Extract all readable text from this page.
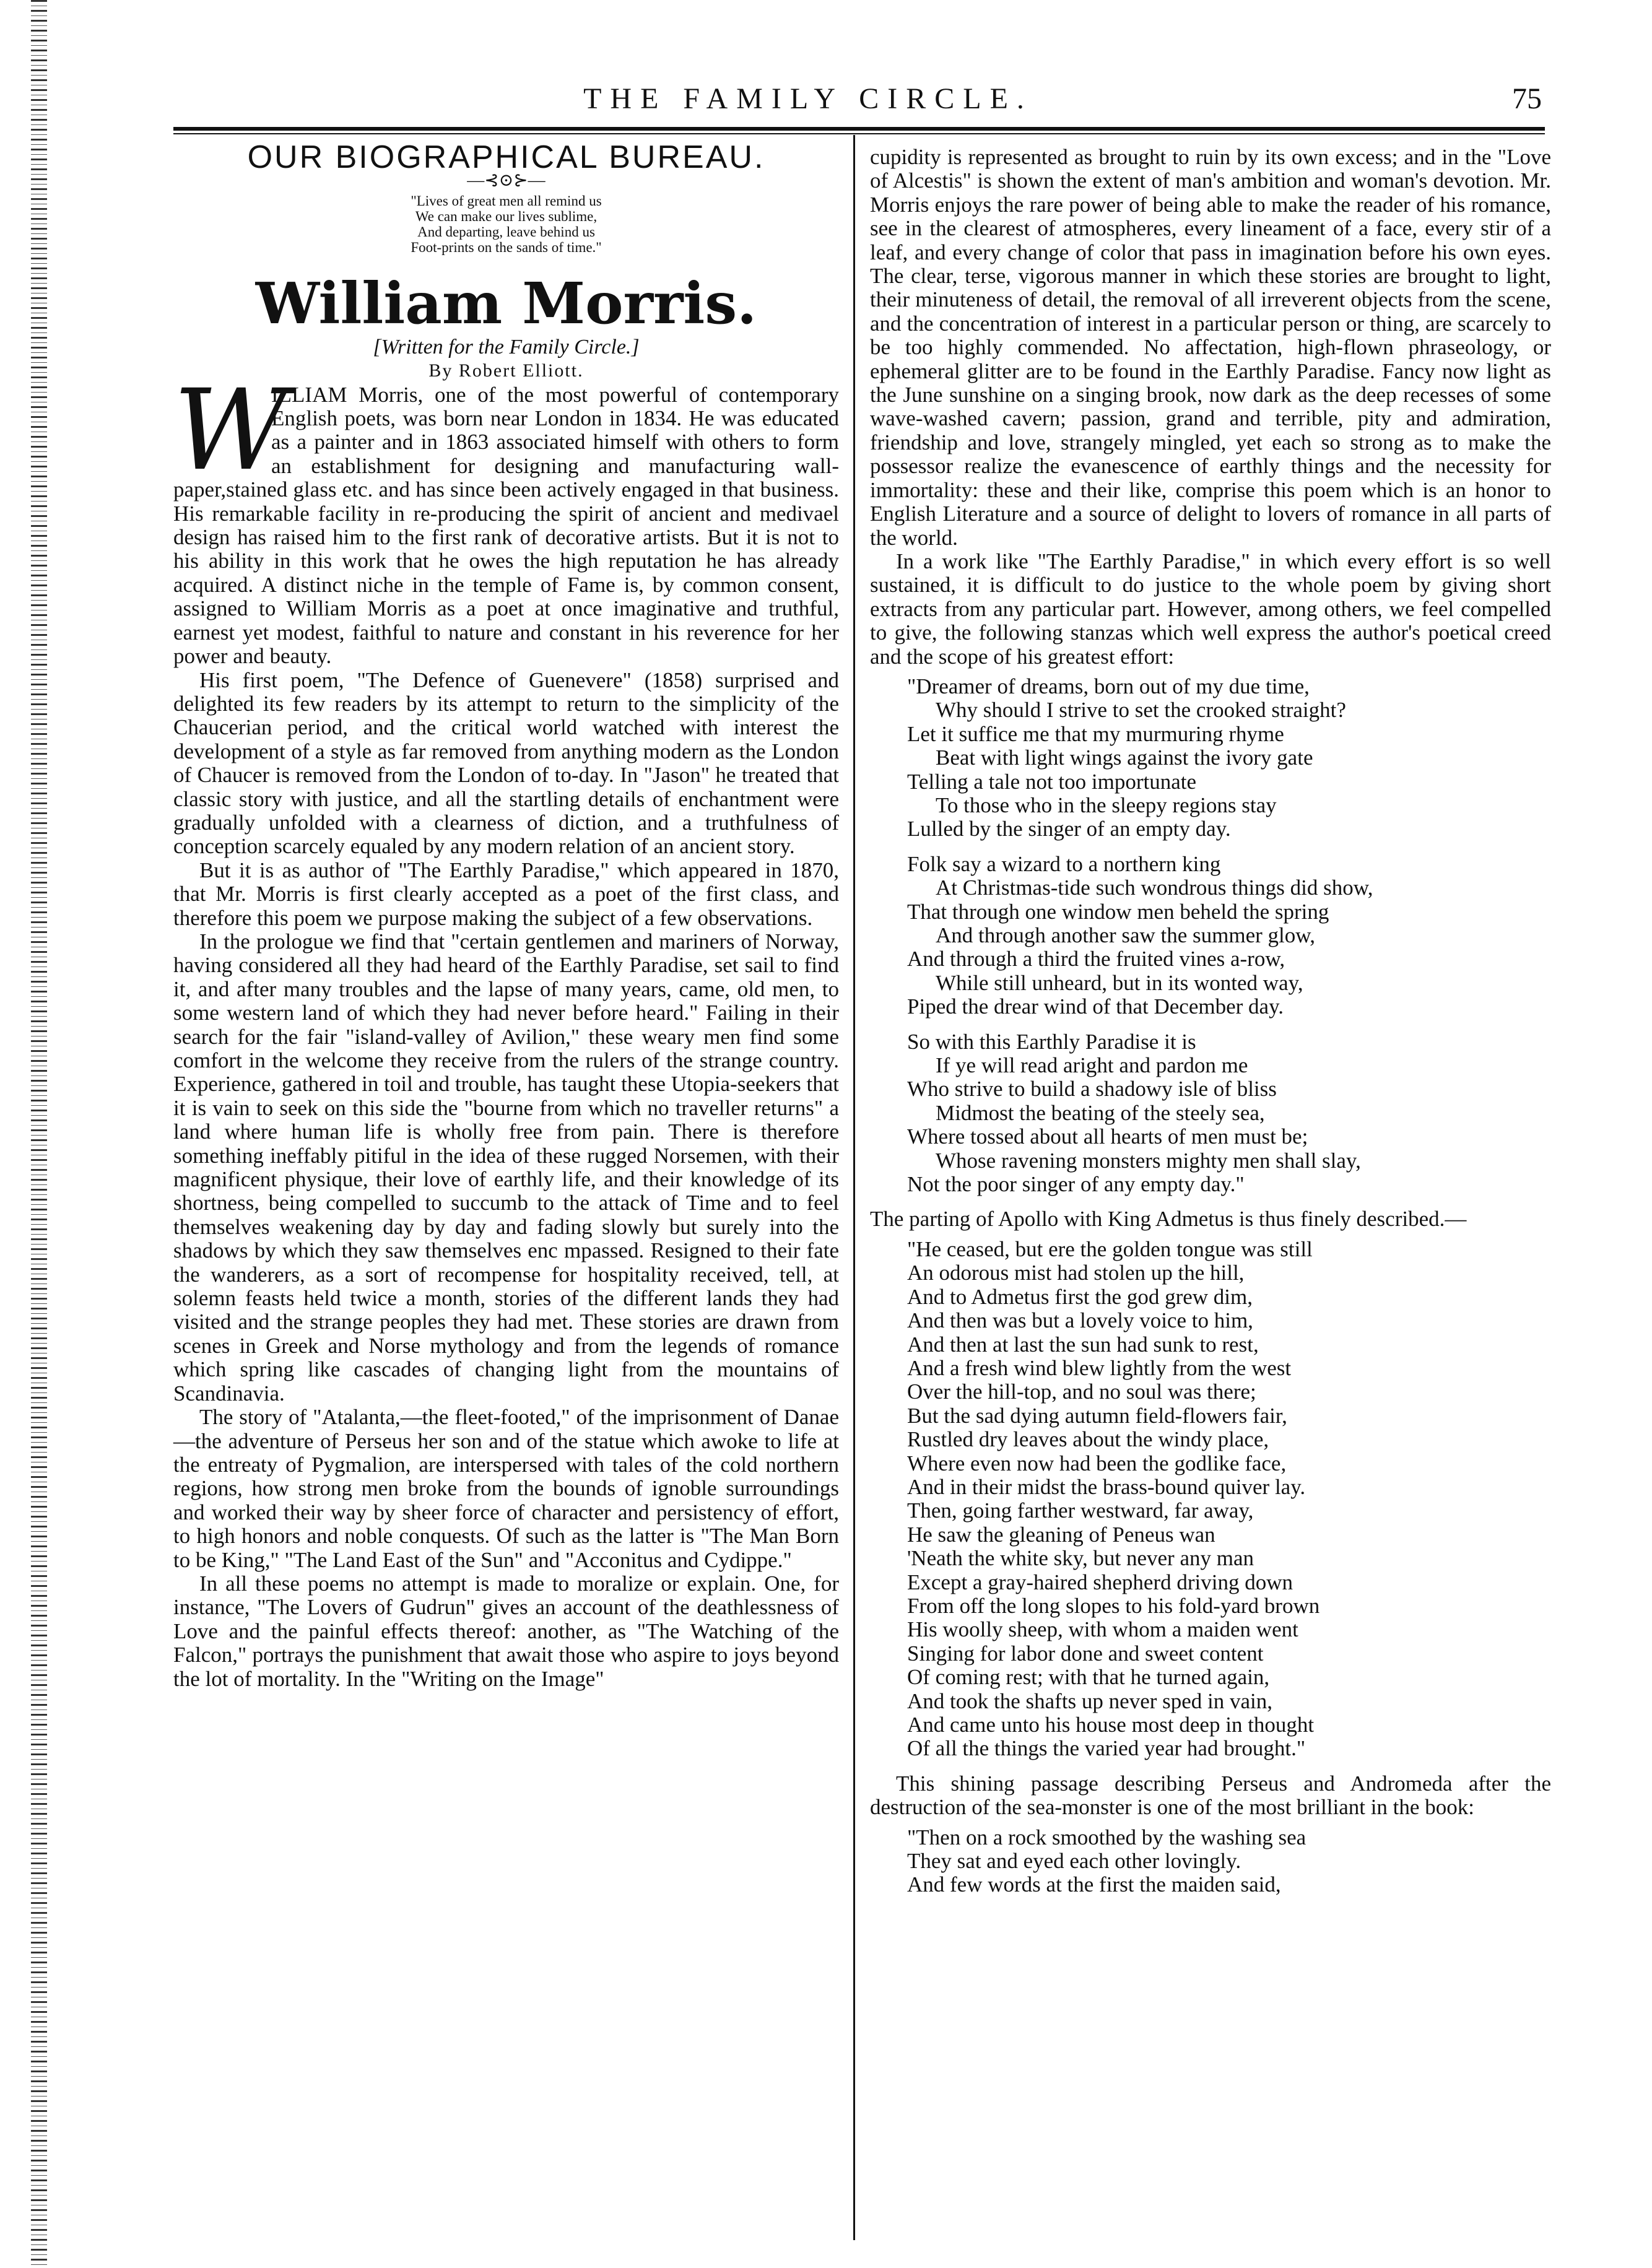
THE FAMILY CIRCLE.	75

OUR BIOGRAPHICAL BUREAU.

—⊰⊙⊱—

"Lives of great men all remind us
We can make our lives sublime,
And departing, leave behind us
Foot-prints on the sands of time."

William Morris.

[Written for the Family Circle.]

By Robert Elliott.

W

ILLIAM Morris, one of the most powerful of contemporary English poets, was born near London in 1834. He was educated as a painter and in 1863 associated himself with others to form an establishment for designing and manufacturing wall-paper,stained glass etc. and has since been actively engaged in that business. His remarkable facility in re-producing the spirit of ancient and medivael design has raised him to the first rank of decorative artists. But it is not to his ability in this work that he owes the high reputation he has already acquired. A distinct niche in the temple of Fame is, by common consent, assigned to William Morris as a poet at once imaginative and truthful, earnest yet modest, faithful to nature and constant in his reverence for her power and beauty.

His first poem, "The Defence of Guenevere" (1858) surprised and delighted its few readers by its attempt to return to the simplicity of the Chaucerian period, and the critical world watched with interest the development of a style as far removed from anything modern as the London of Chaucer is removed from the London of to-day. In "Jason" he treated that classic story with justice, and all the startling details of enchantment were gradually unfolded with a clearness of diction, and a truthfulness of conception scarcely equaled by any modern relation of an ancient story.

But it is as author of "The Earthly Paradise," which appeared in 1870, that Mr. Morris is first clearly accepted as a poet of the first class, and therefore this poem we purpose making the subject of a few observations.

In the prologue we find that "certain gentlemen and mariners of Norway, having considered all they had heard of the Earthly Paradise, set sail to find it, and after many troubles and the lapse of many years, came, old men, to some western land of which they had never before heard." Failing in their search for the fair "island-valley of Avilion," these weary men find some comfort in the welcome they receive from the rulers of the strange country. Experience, gathered in toil and trouble, has taught these Utopia-seekers that it is vain to seek on this side the "bourne from which no traveller returns" a land where human life is wholly free from pain. There is therefore something ineffably pitiful in the idea of these rugged Norsemen, with their magnificent physique, their love of earthly life, and their knowledge of its shortness, being compelled to succumb to the attack of Time and to feel themselves weakening day by day and fading slowly but surely into the shadows by which they saw themselves enc mpassed. Resigned to their fate the wanderers, as a sort of recompense for hospitality received, tell, at solemn feasts held twice a month, stories of the different lands they had visited and the strange peoples they had met. These stories are drawn from scenes in Greek and Norse mythology and from the legends of romance which spring like cascades of changing light from the mountains of Scandinavia.

The story of "Atalanta,—the fleet-footed," of the imprisonment of Danae—the adventure of Perseus her son and of the statue which awoke to life at the entreaty of Pygmalion, are interspersed with tales of the cold northern regions, how strong men broke from the bounds of ignoble surroundings and worked their way by sheer force of character and persistency of effort, to high honors and noble conquests. Of such as the latter is "The Man Born to be King," "The Land East of the Sun" and "Acconitus and Cydippe."

In all these poems no attempt is made to moralize or explain. One, for instance, "The Lovers of Gudrun" gives an account of the deathlessness of Love and the painful effects thereof: another, as "The Watching of the Falcon," portrays the punishment that await those who aspire to joys beyond the lot of mortality. In the "Writing on the Image"

cupidity is represented as brought to ruin by its own excess; and in the "Love of Alcestis" is shown the extent of man's ambition and woman's devotion. Mr. Morris enjoys the rare power of being able to make the reader of his romance, see in the clearest of atmospheres, every lineament of a face, every stir of a leaf, and every change of color that pass in imagination before his own eyes. The clear, terse, vigorous manner in which these stories are brought to light, their minuteness of detail, the removal of all irreverent objects from the scene, and the concentration of interest in a particular person or thing, are scarcely to be too highly commended. No affectation, high-flown phraseology, or ephemeral glitter are to be found in the Earthly Paradise. Fancy now light as the June sunshine on a singing brook, now dark as the deep recesses of some wave-washed cavern; passion, grand and terrible, pity and admiration, friendship and love, strangely mingled, yet each so strong as to make the possessor realize the evanescence of earthly things and the necessity for immortality: these and their like, comprise this poem which is an honor to English Literature and a source of delight to lovers of romance in all parts of the world.

In a work like "The Earthly Paradise," in which every effort is so well sustained, it is difficult to do justice to the whole poem by giving short extracts from any particular part. However, among others, we feel compelled to give, the following stanzas which well express the author's poetical creed and the scope of his greatest effort:

"Dreamer of dreams, born out of my due time,
Why should I strive to set the crooked straight?
Let it suffice me that my murmuring rhyme
Beat with light wings against the ivory gate
Telling a tale not too importunate
To those who in the sleepy regions stay
Lulled by the singer of an empty day.
Folk say a wizard to a northern king
At Christmas-tide such wondrous things did show,
That through one window men beheld the spring
And through another saw the summer glow,
And through a third the fruited vines a-row,
While still unheard, but in its wonted way,
Piped the drear wind of that December day.
So with this Earthly Paradise it is
If ye will read aright and pardon me
Who strive to build a shadowy isle of bliss
Midmost the beating of the steely sea,
Where tossed about all hearts of men must be;
Whose ravening monsters mighty men shall slay,
Not the poor singer of any empty day."

The parting of Apollo with King Admetus is thus finely described.—

"He ceased, but ere the golden tongue was still
An odorous mist had stolen up the hill,
And to Admetus first the god grew dim,
And then was but a lovely voice to him,
And then at last the sun had sunk to rest,
And a fresh wind blew lightly from the west
Over the hill-top, and no soul was there;
But the sad dying autumn field-flowers fair,
Rustled dry leaves about the windy place,
Where even now had been the godlike face,
And in their midst the brass-bound quiver lay.
Then, going farther westward, far away,
He saw the gleaning of Peneus wan
'Neath the white sky, but never any man
Except a gray-haired shepherd driving down
From off the long slopes to his fold-yard brown
His woolly sheep, with whom a maiden went
Singing for labor done and sweet content
Of coming rest; with that he turned again,
And took the shafts up never sped in vain,
And came unto his house most deep in thought
Of all the things the varied year had brought."

This shining passage describing Perseus and Andromeda after the destruction of the sea-monster is one of the most brilliant in the book:

"Then on a rock smoothed by the washing sea
They sat and eyed each other lovingly.
And few words at the first the maiden said,
